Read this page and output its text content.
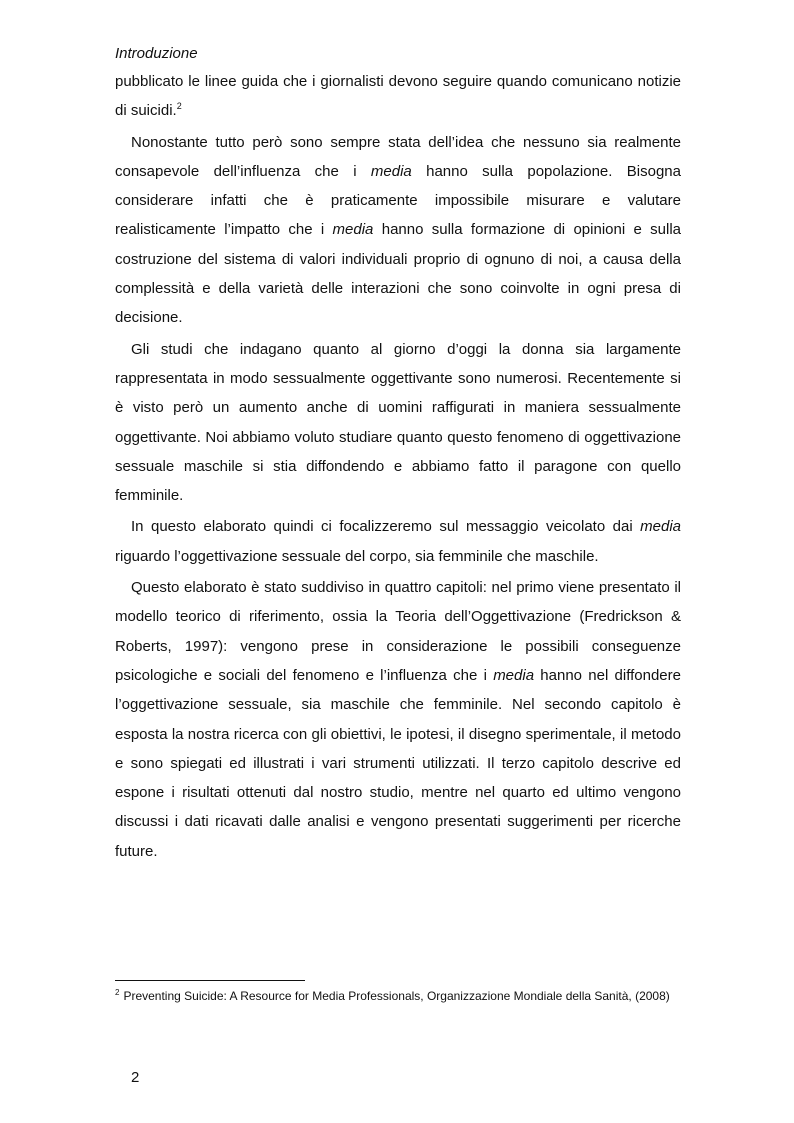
Introduzione

pubblicato le linee guida che i giornalisti devono seguire quando comunicano notizie di suicidi.$^2$

Nonostante tutto però sono sempre stata dell’idea che nessuno sia realmente consapevole dell’influenza che i media hanno sulla popolazione. Bisogna considerare infatti che è praticamente impossibile misurare e valutare realisticamente l’impatto che i media hanno sulla formazione di opinioni e sulla costruzione del sistema di valori individuali proprio di ognuno di noi, a causa della complessità e della varietà delle interazioni che sono coinvolte in ogni presa di decisione.

Gli studi che indagano quanto al giorno d’oggi la donna sia largamente rappresentata in modo sessualmente oggettivante sono numerosi. Recentemente si è visto però un aumento anche di uomini raffigurati in maniera sessualmente oggettivante. Noi abbiamo voluto studiare quanto questo fenomeno di oggettivazione sessuale maschile si stia diffondendo e abbiamo fatto il paragone con quello femminile.

In questo elaborato quindi ci focalizzeremo sul messaggio veicolato dai media riguardo l’oggettivazione sessuale del corpo, sia femminile che maschile.

Questo elaborato è stato suddiviso in quattro capitoli: nel primo viene presentato il modello teorico di riferimento, ossia la Teoria dell’Oggettivazione (Fredrickson & Roberts, 1997): vengono prese in considerazione le possibili conseguenze psicologiche e sociali del fenomeno e l’influenza che i media hanno nel diffondere l’oggettivazione sessuale, sia maschile che femminile. Nel secondo capitolo è esposta la nostra ricerca con gli obiettivi, le ipotesi, il disegno sperimentale, il metodo e sono spiegati ed illustrati i vari strumenti utilizzati. Il terzo capitolo descrive ed espone i risultati ottenuti dal nostro studio, mentre nel quarto ed ultimo vengono discussi i dati ricavati dalle analisi e vengono presentati suggerimenti per ricerche future.

$^2$ Preventing Suicide: A Resource for Media Professionals, Organizzazione Mondiale della Sanità, (2008)
2
